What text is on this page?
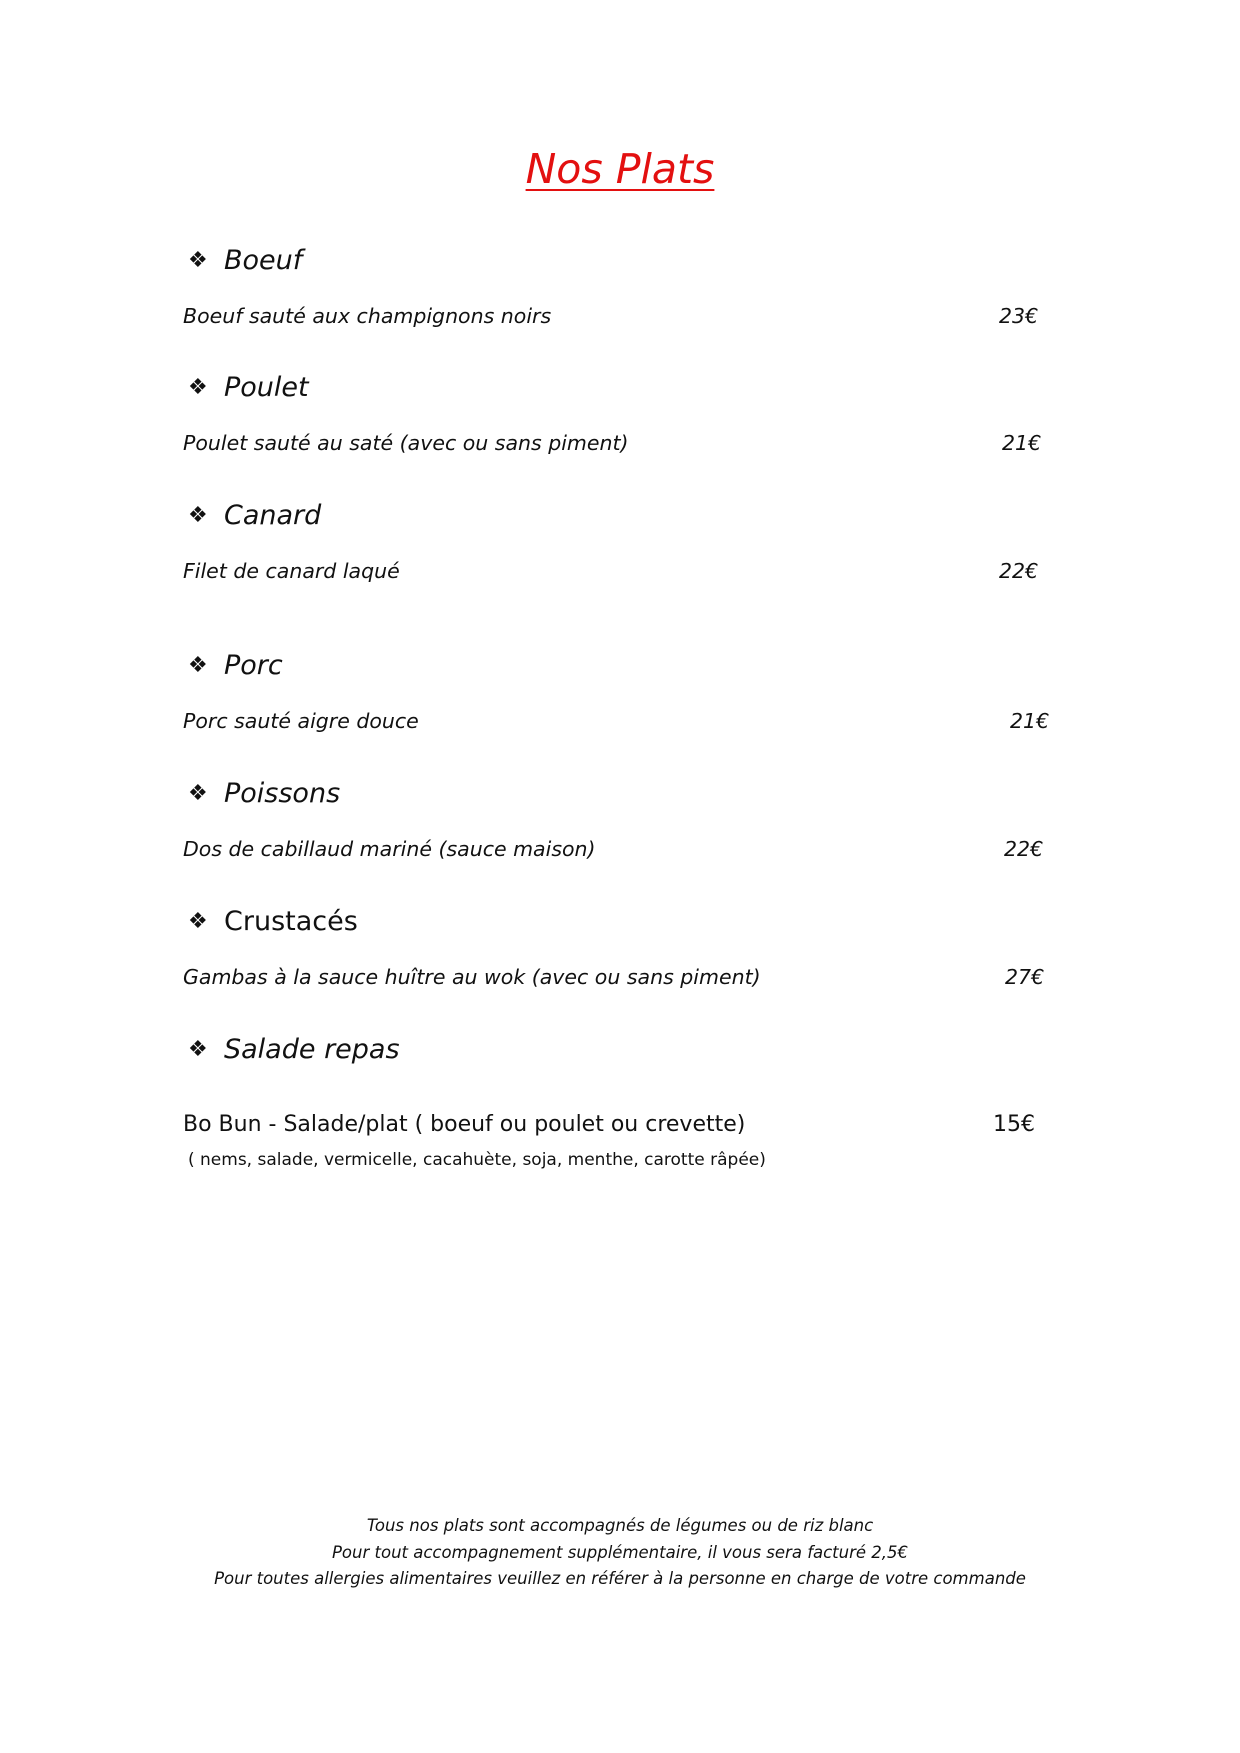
Nos Plats
❖ Boeuf
Boeuf sauté aux champignons noirs	23€
❖ Poulet
Poulet sauté au saté (avec ou sans piment)	21€
❖ Canard
Filet de canard laqué	22€
❖ Porc
Porc sauté aigre douce	21€
❖ Poissons
Dos de cabillaud mariné (sauce maison)	22€
❖ Crustacés
Gambas à la sauce huître au wok (avec ou sans piment)	27€
❖ Salade repas
Bo Bun - Salade/plat ( boeuf ou poulet ou crevette)	15€
( nems, salade, vermicelle, cacahuète, soja, menthe, carotte râpée)
Tous nos plats sont accompagnés de légumes ou de riz blanc
Pour tout accompagnement supplémentaire, il vous sera facturé 2,5€
Pour toutes allergies alimentaires veuillez en référer à la personne en charge de votre commande
